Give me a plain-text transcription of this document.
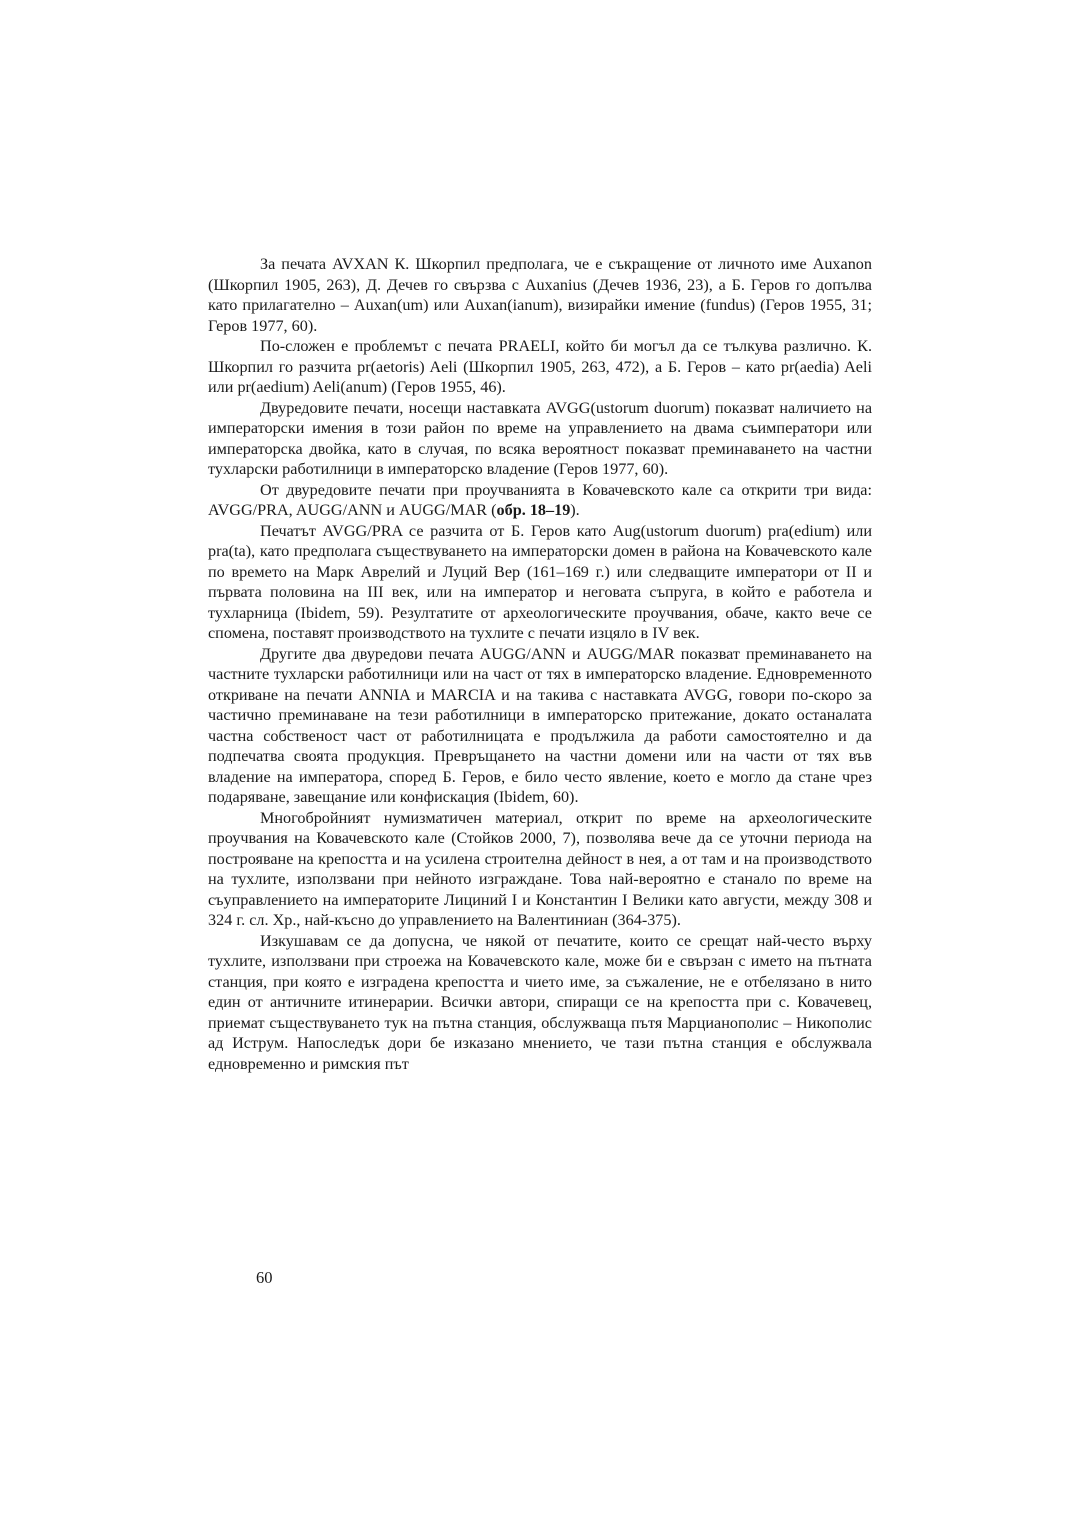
За печата AVXAN К. Шкорпил предполага, че е съкращение от личното име Auxanon (Шкорпил 1905, 263), Д. Дечев го свързва с Auxanius (Дечев 1936, 23), а Б. Геров го допълва като прилагателно – Auxan(um) или Auxan(ianum), визирайки имение (fundus) (Геров 1955, 31; Геров 1977, 60).

По-сложен е проблемът с печата PRAELI, който би могъл да се тълкува различно. К. Шкорпил го разчита pr(aetoris) Aeli (Шкорпил 1905, 263, 472), а Б. Геров – като pr(aedia) Aeli или pr(aedium) Aeli(anum) (Геров 1955, 46).

Двуредовите печати, носещи наставката AVGG(ustorum duorum) показват наличието на императорски имения в този район по време на управлението на двама съимператори или императорска двойка, като в случая, по всяка вероятност показват преминаването на частни тухларски работилници в императорско владение (Геров 1977, 60).

От двуредовите печати при проучванията в Ковачевското кале са открити три вида: AVGG/PRA, AUGG/ANN и AUGG/MAR (обр. 18–19).

Печатът AVGG/PRA се разчита от Б. Геров като Aug(ustorum duorum) pra(edium) или pra(ta), като предполага съществуването на императорски домен в района на Ковачевското кале по времето на Марк Аврелий и Луций Вер (161–169 г.) или следващите императори от II и първата половина на III век, или на император и неговата съпруга, в който е работела и тухларница (Ibidem, 59). Резултатите от археологическите проучвания, обаче, както вече се спомена, поставят производството на тухлите с печати изцяло в IV век.

Другите два двуредови печата AUGG/ANN и AUGG/MAR показват преминаването на частните тухларски работилници или на част от тях в императорско владение. Едновременното откриване на печати ANNIA и MARCIA и на такива с наставката AVGG, говори по-скоро за частично преминаване на тези работилници в императорско притежание, докато останалата частна собственост част от работилницата е продължила да работи самостоятелно и да подпечатва своята продукция. Превръщането на частни домени или на части от тях във владение на императора, според Б. Геров, е било често явление, което е могло да стане чрез подаряване, завещание или конфискация (Ibidem, 60).

Многобройният нумизматичен материал, открит по време на археологическите проучвания на Ковачевското кале (Стойков 2000, 7), позволява вече да се уточни периода на построяване на крепостта и на усилена строителна дейност в нея, а от там и на производството на тухлите, използвани при нейното изграждане. Това най-вероятно е станало по време на съуправлението на императорите Лициний I и Константин I Велики като августи, между 308 и 324 г. сл. Хр., най-късно до управлението на Валентиниан (364-375).

Изкушавам се да допусна, че някой от печатите, които се срещат най-често върху тухлите, използвани при строежа на Ковачевското кале, може би е свързан с името на пътната станция, при която е изградена крепостта и чието име, за съжаление, не е отбелязано в нито един от античните итинерарии. Всички автори, спиращи се на крепостта при с. Ковачевец, приемат съществуването тук на пътна станция, обслужваща пътя Марцианополис – Никополис ад Иструм. Напоследък дори бе изказано мнението, че тази пътна станция е обслужвала едновременно и римския път

60
